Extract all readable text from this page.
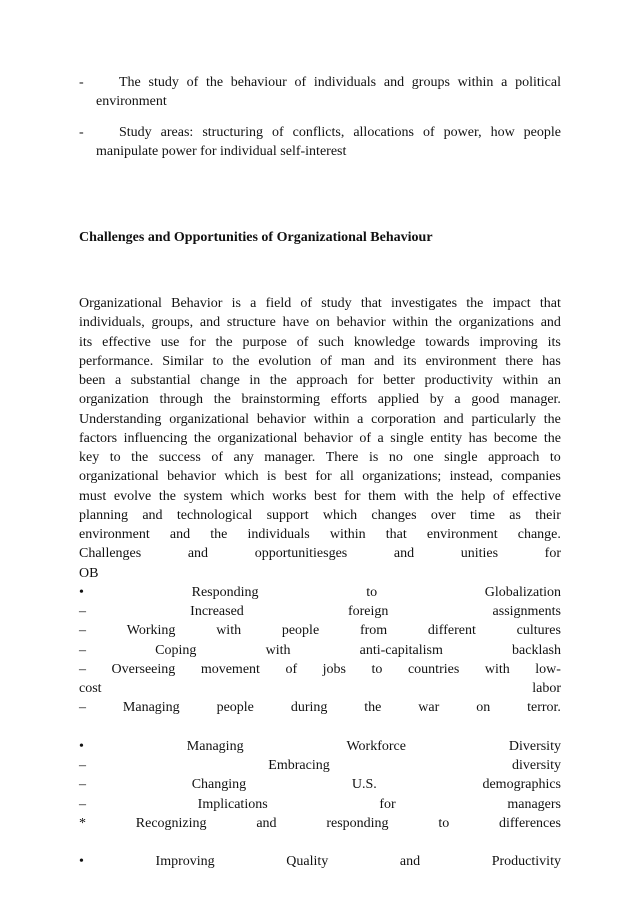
-	The study of the behaviour of individuals and groups within a political
environment
-	Study areas: structuring of conflicts, allocations of power, how people
manipulate power for individual self-interest
Challenges and Opportunities of Organizational Behaviour
Organizational Behavior is a field of study that investigates the impact that
individuals, groups, and structure have on behavior within the organizations and
its effective use for the purpose of such knowledge towards improving its
performance. Similar to the evolution of man and its environment there has
been a substantial change in the approach for better productivity within an
organization through the brainstorming efforts applied by a good manager.
Understanding organizational behavior within a corporation and particularly the
factors influencing the organizational behavior of a single entity has become the
key to the success of any manager. There is no one single approach to
organizational behavior which is best for all organizations; instead, companies
must evolve the system which works best for them with the help of effective
planning and technological support which changes over time as their
environment and the individuals within that environment change.
Challenges	and	opportunitiesges	and	unities	for
OB
•	Responding	to	Globalization
–	Increased	foreign	assignments
–	Working	with	people	from	different	cultures
–	Coping	with	anti-capitalism	backlash
– Overseeing movement of jobs to countries with low-
cost	labor
–	Managing	people	during	the	war	on	terror.
•	Managing	Workforce	Diversity
–	Embracing	diversity
–	Changing	U.S.	demographics
–	Implications	for	managers
*	Recognizing	and	responding	to	differences
•	Improving	Quality	and	Productivity
